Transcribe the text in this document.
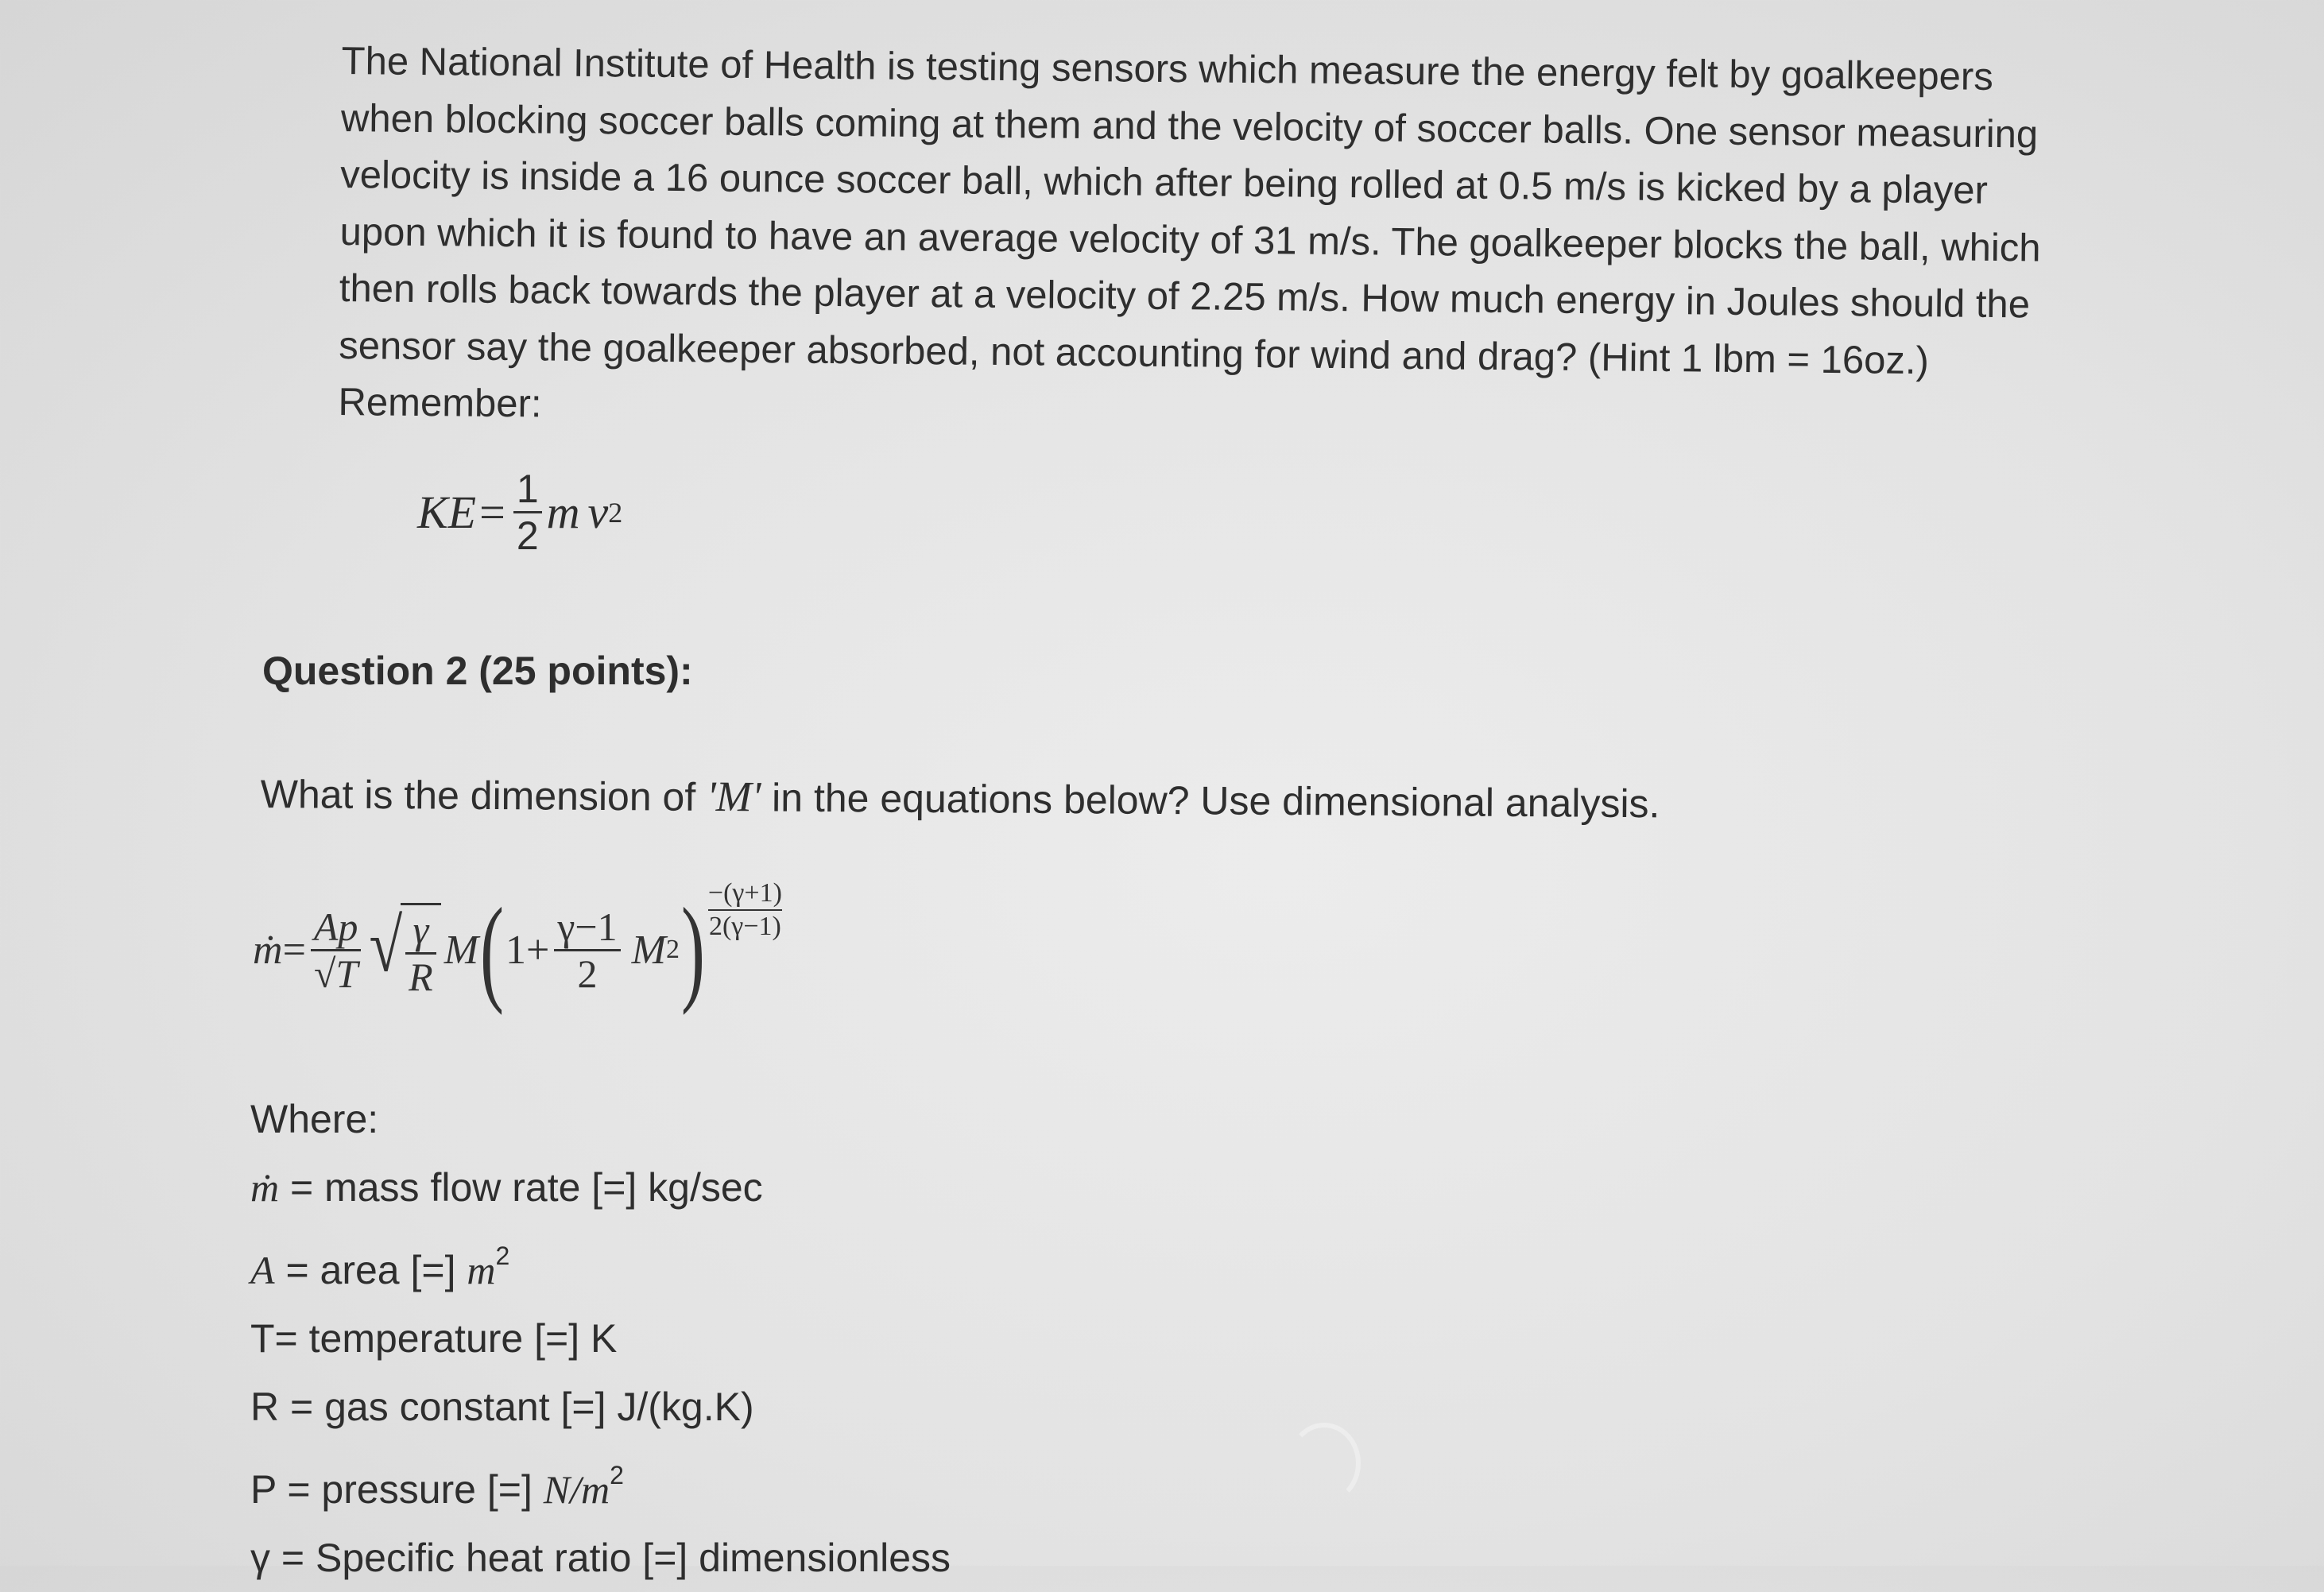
The National Institute of Health is testing sensors which measure the energy felt by goalkeepers
when blocking soccer balls coming at them and the velocity of soccer balls. One sensor measuring
velocity is inside a 16 ounce soccer ball, which after being rolled at 0.5 m/s is kicked by a player
upon which it is found to have an average velocity of 31 m/s. The goalkeeper blocks the ball, which
then rolls back towards the player at a velocity of 2.25 m/s. How much energy in Joules should the
sensor say the goalkeeper absorbed, not accounting for wind and drag? (Hint 1 lbm = 16oz.)
Remember:
KE = $\frac{1}{2}$ m v 2
Question 2 (25 points):
What is the dimension of 'M' in the equations below? Use dimensional analysis.
ṁ = $\frac{Ap}{√T}$ √ $\frac{\gamma}{R}$ M ( $1+ \frac{\gamma-1}{2}$ M 2 ) −(γ+1)
2(γ−1)
Where:
ṁ = mass flow rate [=] kg/sec
A = area [=] $m^2$
T= temperature [=] K
R = gas constant [=] J/(kg.K)
P = pressure [=] $N/m^2$
γ = Specific heat ratio [=] dimensionless
